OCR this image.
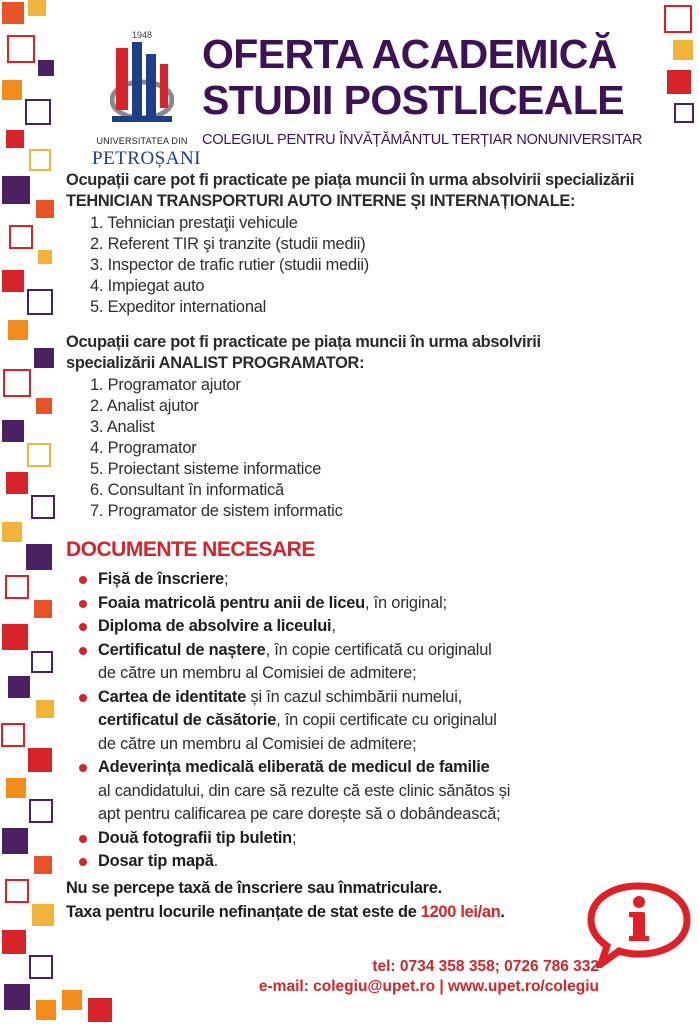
1948
UNIVERSITATEA DIN
PETROȘANI
OFERTA ACADEMICĂ
STUDII POSTLICEALE
COLEGIUL PENTRU ÎNVĂȚĂMÂNTUL TERȚIAR NONUNIVERSITAR
Ocupații care pot fi practicate pe piața muncii în urma absolvirii specializării
TEHNICIAN TRANSPORTURI AUTO INTERNE ȘI INTERNAȚIONALE:
1. Tehnician prestaţii vehicule
2. Referent TIR şi tranzite (studii medii)
3. Inspector de trafic rutier (studii medii)
4. Impiegat auto
5. Expeditor international
Ocupații care pot fi practicate pe piața muncii în urma absolvirii
specializării ANALIST PROGRAMATOR:
1. Programator ajutor
2. Analist ajutor
3. Analist
4. Programator
5. Proiectant sisteme informatice
6. Consultant în informatică
7. Programator de sistem informatic
DOCUMENTE NECESARE
Fișă de înscriere;
Foaia matricolă pentru anii de liceu, în original;
Diploma de absolvire a liceului,
Certificatul de naștere, în copie certificată cu originalul
de către un membru al Comisiei de admitere;
Cartea de identitate și în cazul schimbării numelui,
certificatul de căsătorie, în copii certificate cu originalul
de către un membru al Comisiei de admitere;
Adeverința medicală eliberată de medicul de familie
al candidatului, din care să rezulte că este clinic sănătos și
apt pentru calificarea pe care dorește să o dobândească;
Două fotografii tip buletin;
Dosar tip mapă.
Nu se percepe taxă de înscriere sau înmatriculare.
Taxa pentru locurile nefinanțate de stat este de 1200 lei/an.
tel: 0734 358 358; 0726 786 332
e-mail: colegiu@upet.ro | www.upet.ro/colegiu
